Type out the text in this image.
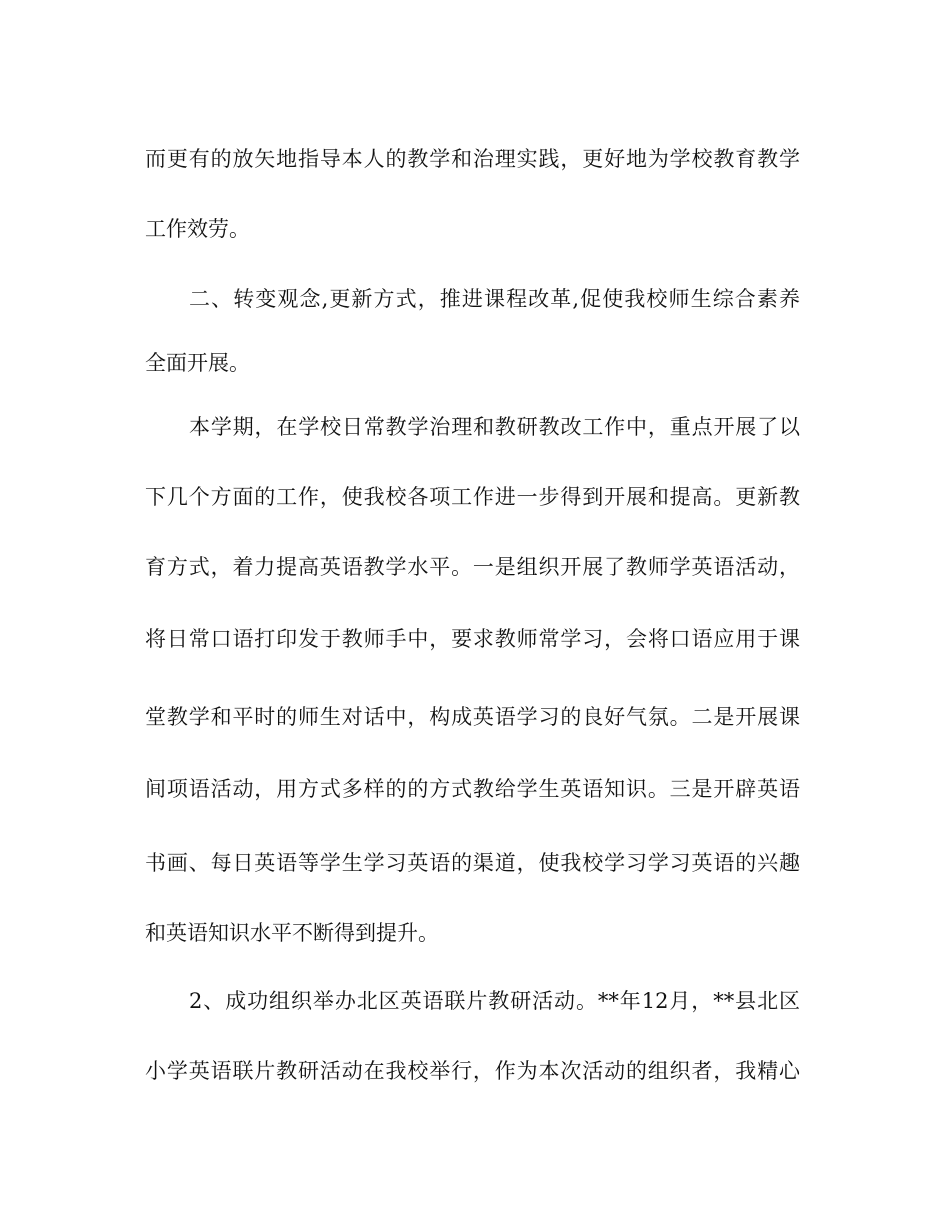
而更有的放矢地指导本人的教学和治理实践，更好地为学校教育教学
工作效劳。
二、转变观念,更新方式，推进课程改革,促使我校师生综合素养
全面开展。
本学期，在学校日常教学治理和教研教改工作中，重点开展了以
下几个方面的工作，使我校各项工作进一步得到开展和提高。更新教
育方式，着力提高英语教学水平。一是组织开展了教师学英语活动，
将日常口语打印发于教师手中，要求教师常学习，会将口语应用于课
堂教学和平时的师生对话中，构成英语学习的良好气氛。二是开展课
间项语活动，用方式多样的的方式教给学生英语知识。三是开辟英语
书画、每日英语等学生学习英语的渠道，使我校学习学习英语的兴趣
和英语知识水平不断得到提升。
2、成功组织举办北区英语联片教研活动。**年12月，**县北区
小学英语联片教研活动在我校举行，作为本次活动的组织者，我精心
